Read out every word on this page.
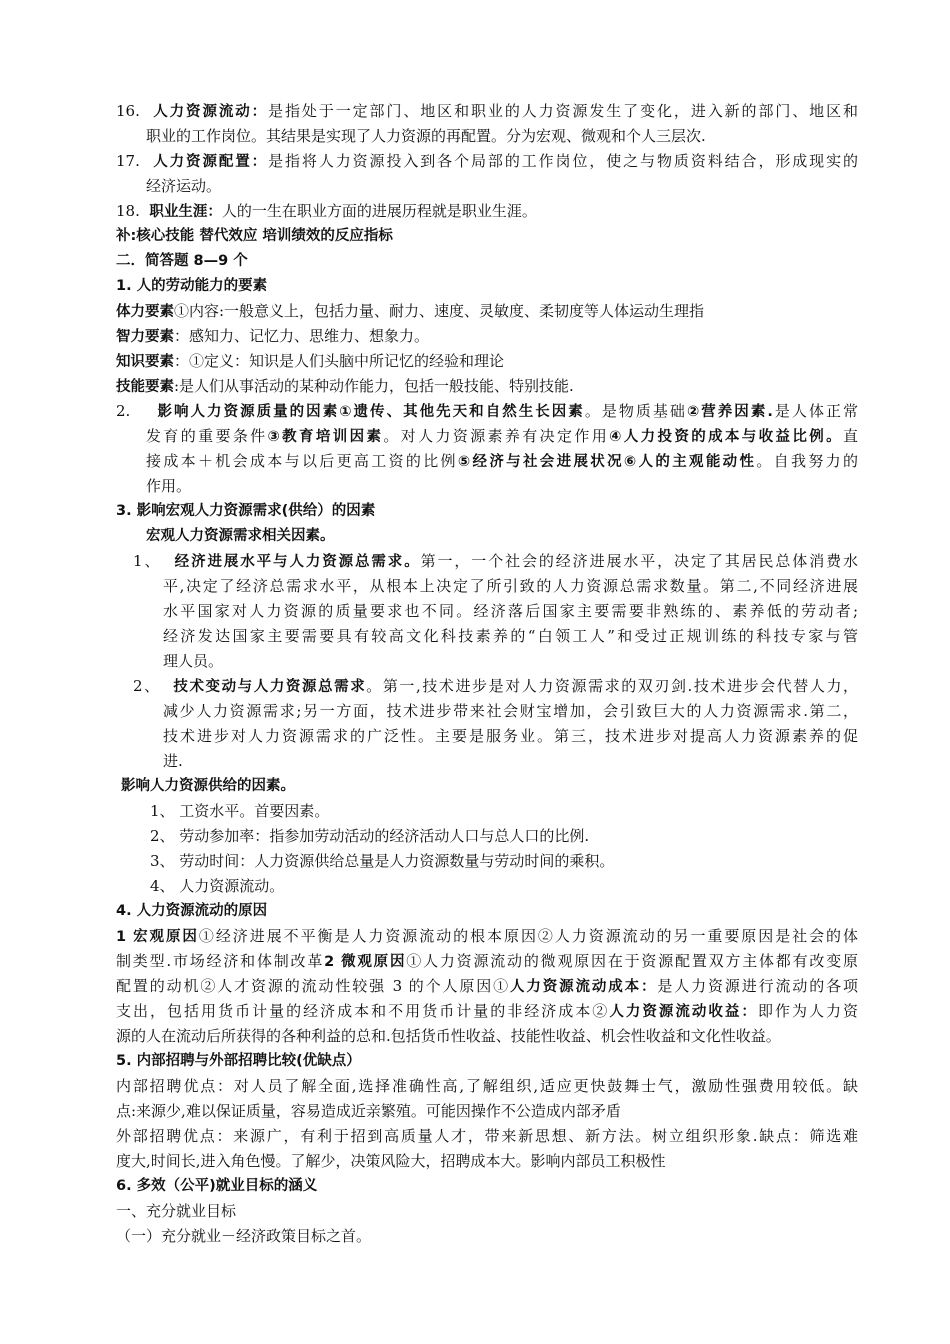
16. 人力资源流动：是指处于一定部门、地区和职业的人力资源发生了变化，进入新的部门、地区和
职业的工作岗位。其结果是实现了人力资源的再配置。分为宏观、微观和个人三层次.
17. 人力资源配置：是指将人力资源投入到各个局部的工作岗位，使之与物质资料结合，形成现实的
经济运动。
18. 职业生涯：人的一生在职业方面的进展历程就是职业生涯。
补:核心技能 替代效应 培训绩效的反应指标
二．简答题 8—9 个
1. 人的劳动能力的要素
体力要素①内容:一般意义上，包括力量、耐力、速度、灵敏度、柔韧度等人体运动生理指
智力要素：感知力、记忆力、思维力、想象力。
知识要素：①定义：知识是人们头脑中所记忆的经验和理论
技能要素:是人们从事活动的某种动作能力，包括一般技能、特别技能.
2. 影响人力资源质量的因素①遗传、其他先天和自然生长因素。是物质基础②营养因素.是人体正常
发育的重要条件③教育培训因素。对人力资源素养有决定作用④人力投资的成本与收益比例。直
接成本＋机会成本与以后更高工资的比例⑤经济与社会进展状况⑥人的主观能动性。自我努力的
作用。
3. 影响宏观人力资源需求(供给）的因素
宏观人力资源需求相关因素。
1、 经济进展水平与人力资源总需求。第一，一个社会的经济进展水平，决定了其居民总体消费水
平,决定了经济总需求水平，从根本上决定了所引致的人力资源总需求数量。第二,不同经济进展
水平国家对人力资源的质量要求也不同。经济落后国家主要需要非熟练的、素养低的劳动者;
经济发达国家主要需要具有较高文化科技素养的“白领工人”和受过正规训练的科技专家与管
理人员。
2、 技术变动与人力资源总需求。第一,技术进步是对人力资源需求的双刃剑.技术进步会代替人力，
减少人力资源需求;另一方面，技术进步带来社会财宝增加，会引致巨大的人力资源需求.第二，
技术进步对人力资源需求的广泛性。主要是服务业。第三，技术进步对提高人力资源素养的促
进.
影响人力资源供给的因素。
1、 工资水平。首要因素。
2、 劳动参加率：指参加劳动活动的经济活动人口与总人口的比例.
3、 劳动时间：人力资源供给总量是人力资源数量与劳动时间的乘积。
4、 人力资源流动。
4. 人力资源流动的原因
1 宏观原因①经济进展不平衡是人力资源流动的根本原因②人力资源流动的另一重要原因是社会的体
制类型.市场经济和体制改革2 微观原因①人力资源流动的微观原因在于资源配置双方主体都有改变原
配置的动机②人才资源的流动性较强 3 的个人原因①人力资源流动成本：是人力资源进行流动的各项
支出，包括用货币计量的经济成本和不用货币计量的非经济成本②人力资源流动收益：即作为人力资
源的人在流动后所获得的各种利益的总和.包括货币性收益、技能性收益、机会性收益和文化性收益。
5. 内部招聘与外部招聘比较(优缺点）
内部招聘优点：对人员了解全面,选择准确性高,了解组织,适应更快鼓舞士气，激励性强费用较低。缺
点:来源少,难以保证质量，容易造成近亲繁殖。可能因操作不公造成内部矛盾
外部招聘优点：来源广，有利于招到高质量人才，带来新思想、新方法。树立组织形象.缺点：筛选难
度大,时间长,进入角色慢。了解少，决策风险大，招聘成本大。影响内部员工积极性
6. 多效（公平)就业目标的涵义
一、充分就业目标
（一）充分就业－经济政策目标之首。
